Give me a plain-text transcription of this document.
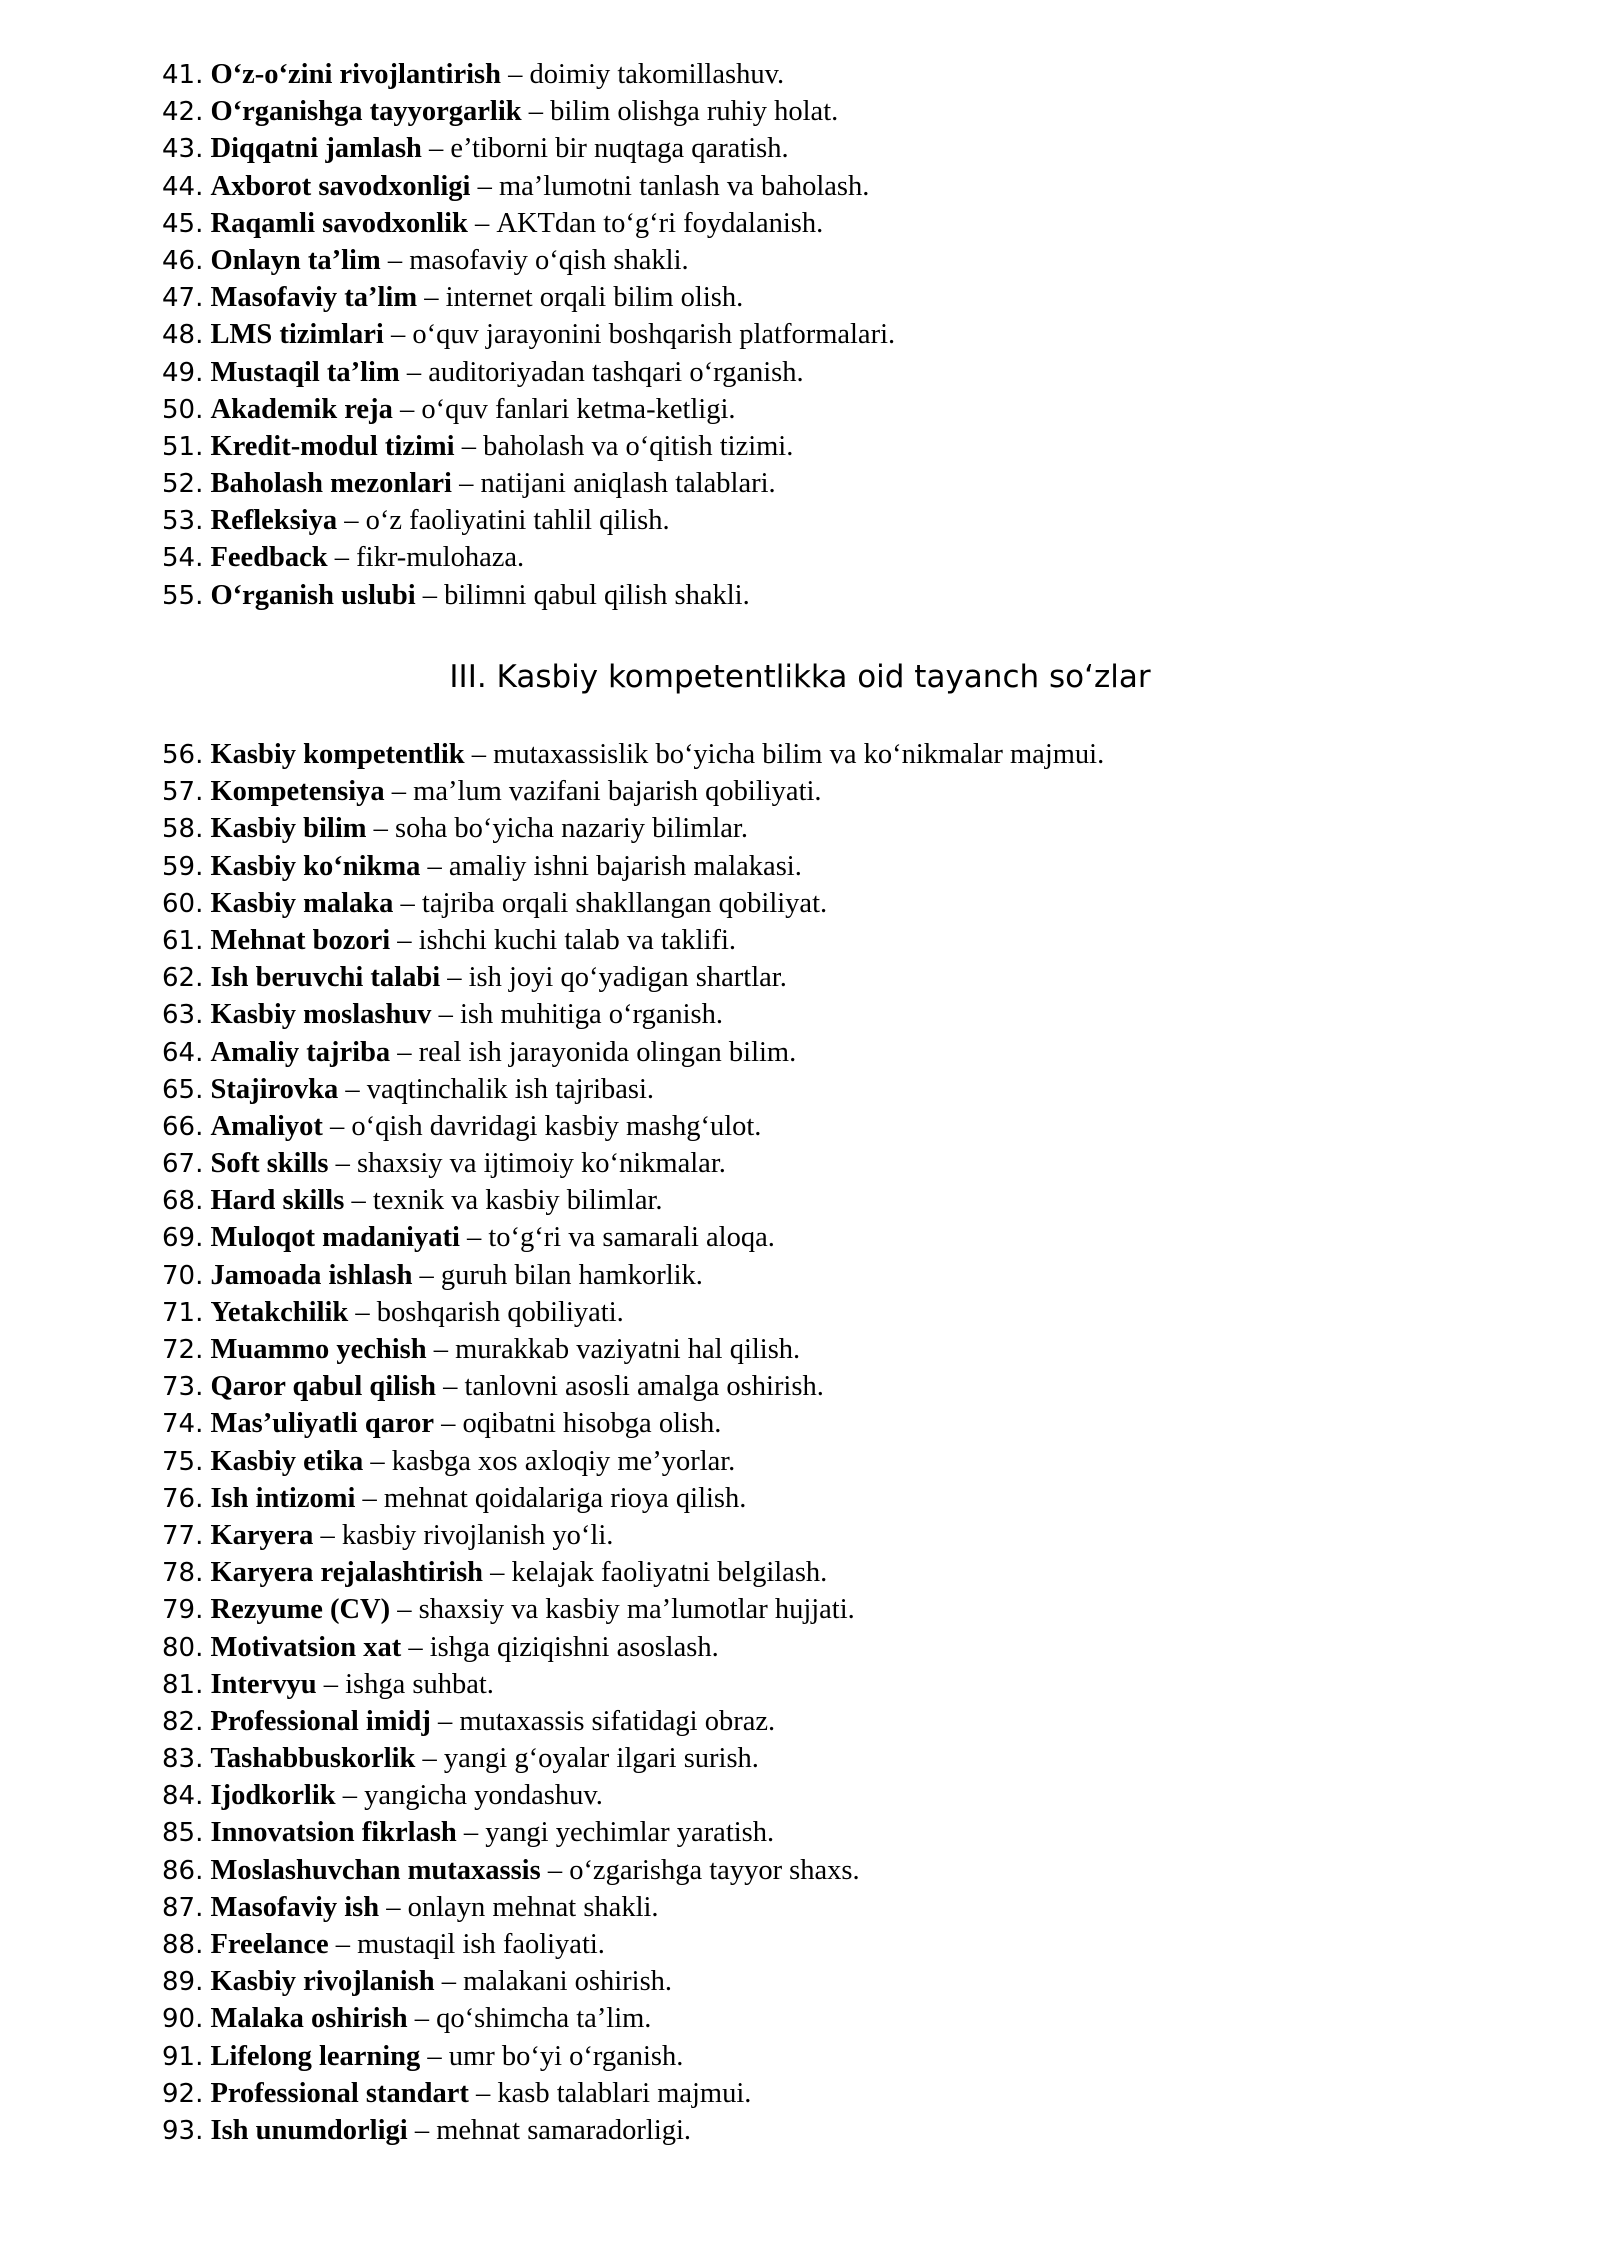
41. O‘z-o‘zini rivojlantirish – doimiy takomillashuv.
42. O‘rganishga tayyorgarlik – bilim olishga ruhiy holat.
43. Diqqatni jamlash – e’tiborni bir nuqtaga qaratish.
44. Axborot savodxonligi – ma’lumotni tanlash va baholash.
45. Raqamli savodxonlik – AKTdan to‘g‘ri foydalanish.
46. Onlayn ta’lim – masofaviy o‘qish shakli.
47. Masofaviy ta’lim – internet orqali bilim olish.
48. LMS tizimlari – o‘quv jarayonini boshqarish platformalari.
49. Mustaqil ta’lim – auditoriyadan tashqari o‘rganish.
50. Akademik reja – o‘quv fanlari ketma-ketligi.
51. Kredit-modul tizimi – baholash va o‘qitish tizimi.
52. Baholash mezonlari – natijani aniqlash talablari.
53. Refleksiya – o‘z faoliyatini tahlil qilish.
54. Feedback – fikr-mulohaza.
55. O‘rganish uslubi – bilimni qabul qilish shakli.
III. Kasbiy kompetentlikka oid tayanch so‘zlar
56. Kasbiy kompetentlik – mutaxassislik bo‘yicha bilim va ko‘nikmalar majmui.
57. Kompetensiya – ma’lum vazifani bajarish qobiliyati.
58. Kasbiy bilim – soha bo‘yicha nazariy bilimlar.
59. Kasbiy ko‘nikma – amaliy ishni bajarish malakasi.
60. Kasbiy malaka – tajriba orqali shakllangan qobiliyat.
61. Mehnat bozori – ishchi kuchi talab va taklifi.
62. Ish beruvchi talabi – ish joyi qo‘yadigan shartlar.
63. Kasbiy moslashuv – ish muhitiga o‘rganish.
64. Amaliy tajriba – real ish jarayonida olingan bilim.
65. Stajirovka – vaqtinchalik ish tajribasi.
66. Amaliyot – o‘qish davridagi kasbiy mashg‘ulot.
67. Soft skills – shaxsiy va ijtimoiy ko‘nikmalar.
68. Hard skills – texnik va kasbiy bilimlar.
69. Muloqot madaniyati – to‘g‘ri va samarali aloqa.
70. Jamoada ishlash – guruh bilan hamkorlik.
71. Yetakchilik – boshqarish qobiliyati.
72. Muammo yechish – murakkab vaziyatni hal qilish.
73. Qaror qabul qilish – tanlovni asosli amalga oshirish.
74. Mas’uliyatli qaror – oqibatni hisobga olish.
75. Kasbiy etika – kasbga xos axloqiy me’yorlar.
76. Ish intizomi – mehnat qoidalariga rioya qilish.
77. Karyera – kasbiy rivojlanish yo‘li.
78. Karyera rejalashtirish – kelajak faoliyatni belgilash.
79. Rezyume (CV) – shaxsiy va kasbiy ma’lumotlar hujjati.
80. Motivatsion xat – ishga qiziqishni asoslash.
81. Intervyu – ishga suhbat.
82. Professional imidj – mutaxassis sifatidagi obraz.
83. Tashabbuskorlik – yangi g‘oyalar ilgari surish.
84. Ijodkorlik – yangicha yondashuv.
85. Innovatsion fikrlash – yangi yechimlar yaratish.
86. Moslashuvchan mutaxassis – o‘zgarishga tayyor shaxs.
87. Masofaviy ish – onlayn mehnat shakli.
88. Freelance – mustaqil ish faoliyati.
89. Kasbiy rivojlanish – malakani oshirish.
90. Malaka oshirish – qo‘shimcha ta’lim.
91. Lifelong learning – umr bo‘yi o‘rganish.
92. Professional standart – kasb talablari majmui.
93. Ish unumdorligi – mehnat samaradorligi.
